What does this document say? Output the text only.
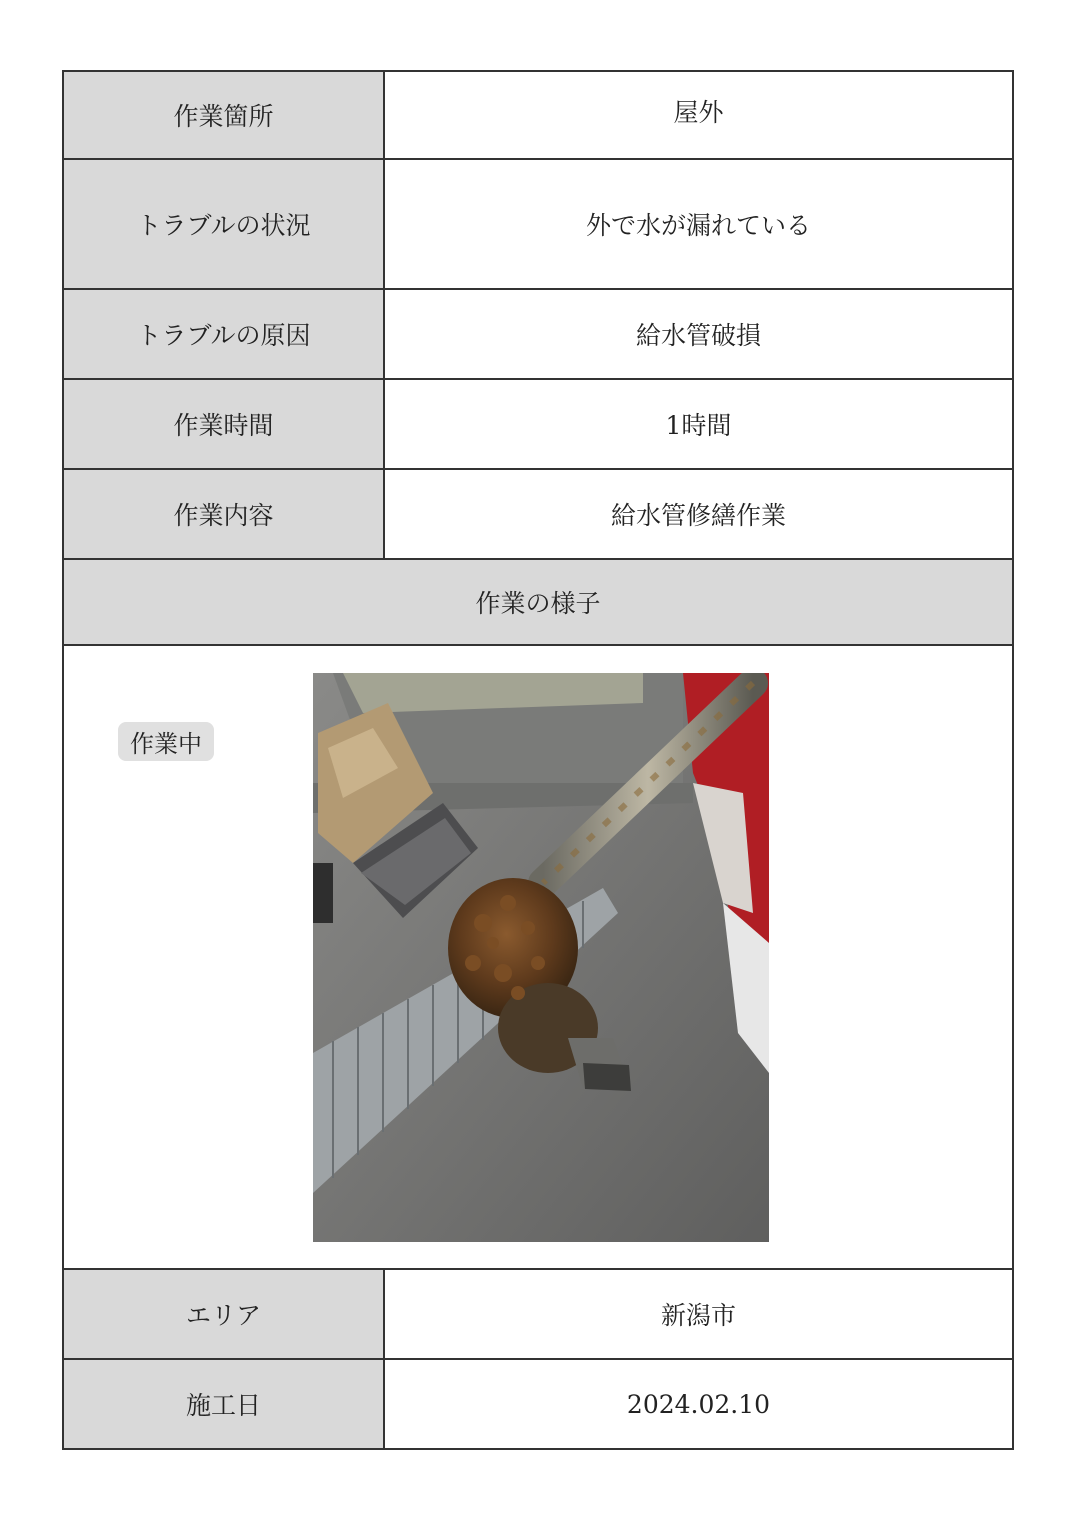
作業箇所	屋外
トラブルの状況	外で水が漏れている
トラブルの原因	給水管破損
作業時間	1時間
作業内容	給水管修繕作業
作業の様子
作業中
エリア	新潟市
施工日	2024.02.10
